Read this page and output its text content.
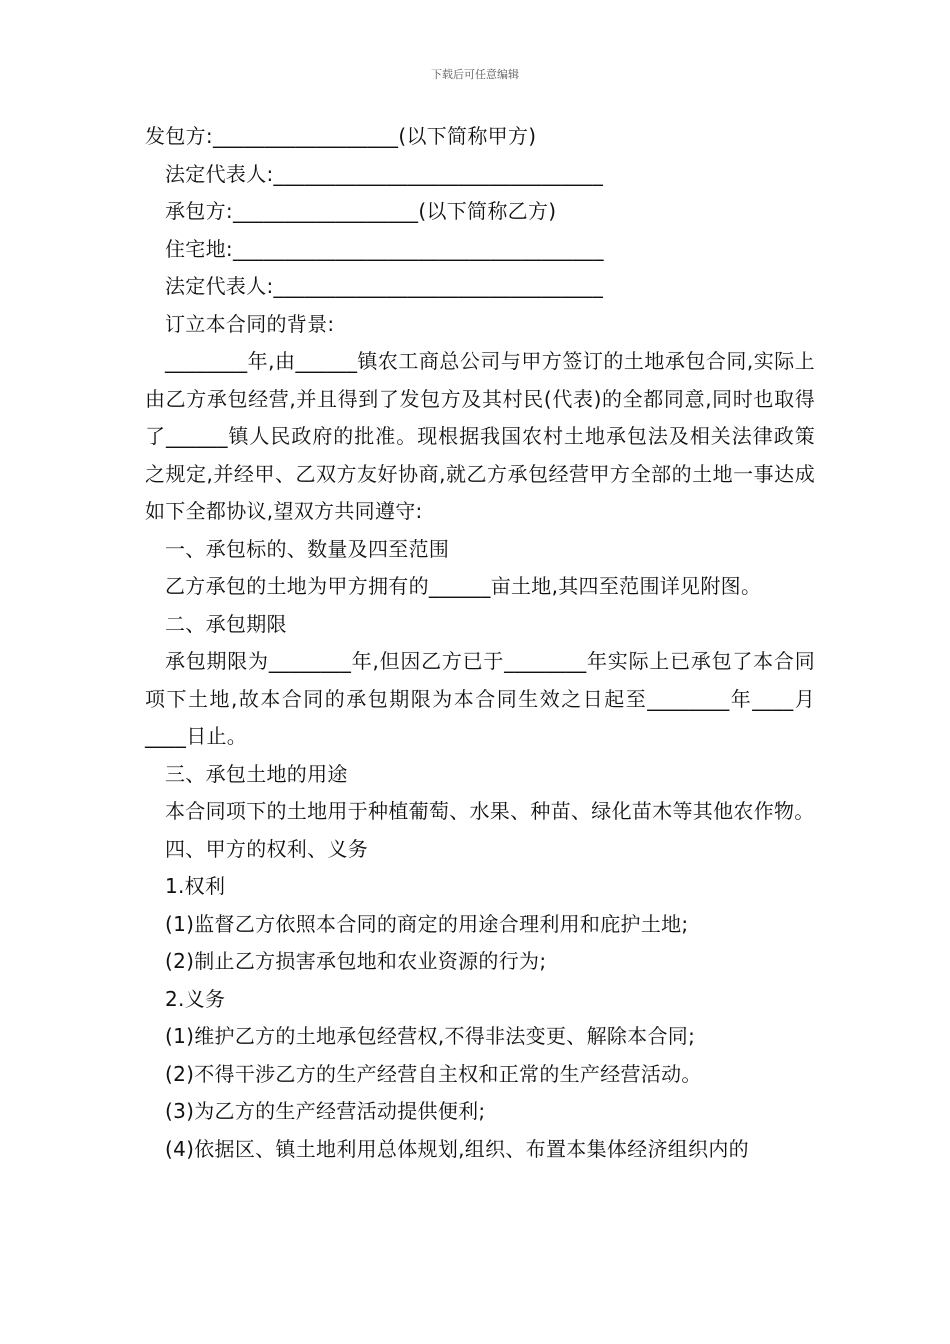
下载后可任意编辑
发包方:__________________(以下简称甲方)
法定代表人:________________________________
承包方:__________________(以下简称乙方)
住宅地:____________________________________
法定代表人:________________________________
订立本合同的背景:
________年,由______镇农工商总公司与甲方签订的土地承包合同,实际上由乙方承包经营,并且得到了发包方及其村民(代表)的全都同意,同时也取得了______镇人民政府的批准。现根据我国农村土地承包法及相关法律政策之规定,并经甲、乙双方友好协商,就乙方承包经营甲方全部的土地一事达成如下全都协议,望双方共同遵守:
一、承包标的、数量及四至范围
乙方承包的土地为甲方拥有的______亩土地,其四至范围详见附图。
二、承包期限
承包期限为________年,但因乙方已于________年实际上已承包了本合同项下土地,故本合同的承包期限为本合同生效之日起至________年____月____日止。
三、承包土地的用途
本合同项下的土地用于种植葡萄、水果、种苗、绿化苗木等其他农作物。
四、甲方的权利、义务
1.权利
(1)监督乙方依照本合同的商定的用途合理利用和庇护土地;
(2)制止乙方损害承包地和农业资源的行为;
2.义务
(1)维护乙方的土地承包经营权,不得非法变更、解除本合同;
(2)不得干涉乙方的生产经营自主权和正常的生产经营活动。
(3)为乙方的生产经营活动提供便利;
(4)依据区、镇土地利用总体规划,组织、布置本集体经济组织内的
